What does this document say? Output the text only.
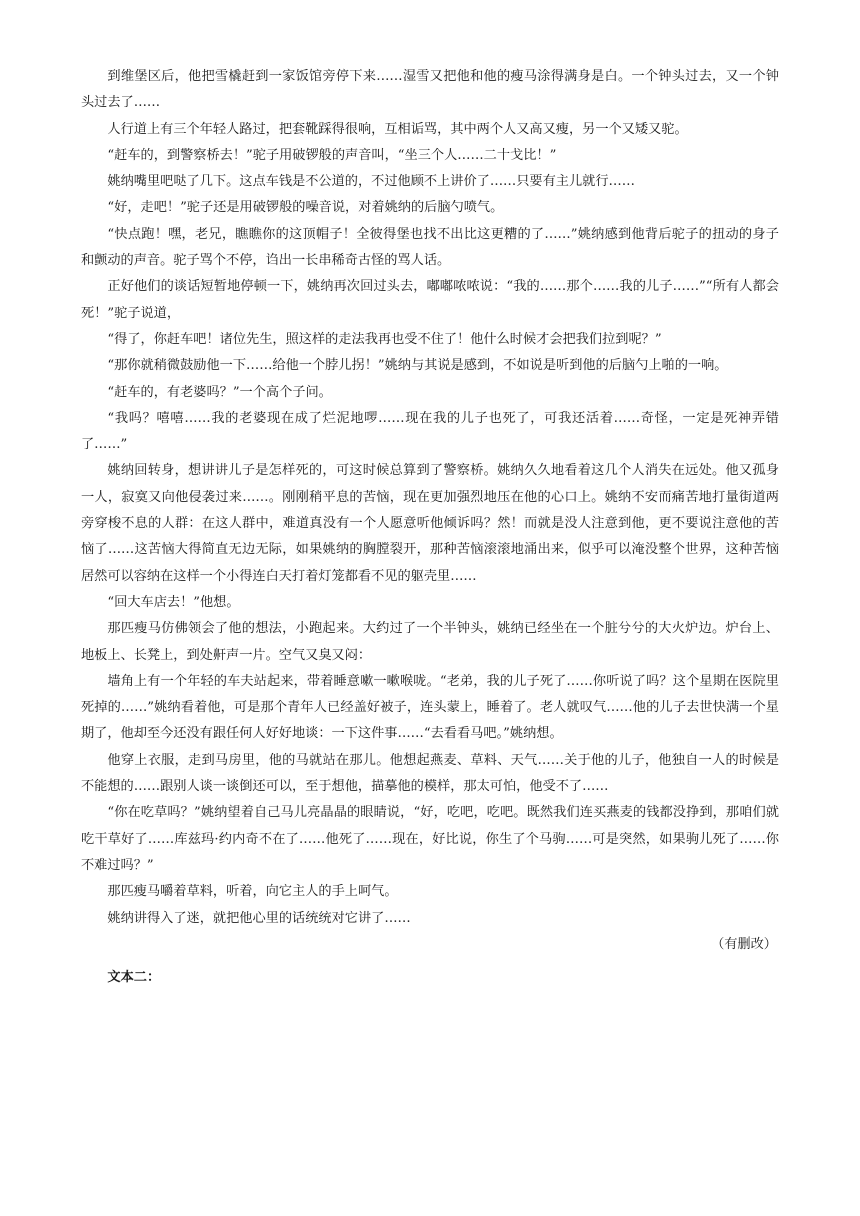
到维堡区后，他把雪橇赶到一家饭馆旁停下来……湿雪又把他和他的瘦马涂得满身是白。一个钟头过去，又一个钟头过去了……

人行道上有三个年轻人路过，把套靴踩得很响，互相诟骂，其中两个人又高又瘦，另一个又矮又驼。

“赶车的，到警察桥去！”驼子用破锣般的声音叫，“坐三个人……二十戈比！”

姚纳嘴里吧哒了几下。这点车钱是不公道的，不过他顾不上讲价了……只要有主儿就行……

“好，走吧！”驼子还是用破锣般的噪音说，对着姚纳的后脑勺喷气。

“快点跑！嘿，老兄，瞧瞧你的这顶帽子！全彼得堡也找不出比这更糟的了……”姚纳感到他背后驼子的扭动的身子和颤动的声音。驼子骂个不停，诌出一长串稀奇古怪的骂人话。

正好他们的谈话短暂地停顿一下，姚纳再次回过头去，嘟嘟哝哝说：“我的……那个……我的儿子……”“所有人都会死！”驼子说道，

“得了，你赶车吧！诸位先生，照这样的走法我再也受不住了！他什么时候才会把我们拉到呢？”

“那你就稍微鼓励他一下……给他一个脖儿拐！”姚纳与其说是感到，不如说是听到他的后脑勺上啪的一响。

“赶车的，有老婆吗？”一个高个子问。

“我吗？嘻嘻……我的老婆现在成了烂泥地啰……现在我的儿子也死了，可我还活着……奇怪，一定是死神弄错了……”

姚纳回转身，想讲讲儿子是怎样死的，可这时候总算到了警察桥。姚纳久久地看着这几个人消失在远处。他又孤身一人，寂寞又向他侵袭过来……。刚刚稍平息的苦恼，现在更加强烈地压在他的心口上。姚纳不安而痛苦地打量街道两旁穿梭不息的人群：在这人群中，难道真没有一个人愿意听他倾诉吗？然！而就是没人注意到他，更不要说注意他的苦恼了……这苦恼大得简直无边无际，如果姚纳的胸膛裂开，那种苦恼滚滚地涌出来，似乎可以淹没整个世界，这种苦恼居然可以容纳在这样一个小得连白天打着灯笼都看不见的躯壳里……

“回大车店去！”他想。

那匹瘦马仿佛领会了他的想法，小跑起来。大约过了一个半钟头，姚纳已经坐在一个脏兮兮的大火炉边。炉台上、地板上、长凳上，到处鼾声一片。空气又臭又闷：

墙角上有一个年轻的车夫站起来，带着睡意嗽一嗽喉咙。“老弟，我的儿子死了……你听说了吗？这个星期在医院里死掉的……”姚纳看着他，可是那个青年人已经盖好被子，连头蒙上，睡着了。老人就叹气……他的儿子去世快满一个星期了，他却至今还没有跟任何人好好地谈：一下这件事……“去看看马吧。”姚纳想。

他穿上衣服，走到马房里，他的马就站在那儿。他想起燕麦、草料、天气……关于他的儿子，他独自一人的时候是不能想的……跟别人谈一谈倒还可以，至于想他，描摹他的模样，那太可怕，他受不了……

“你在吃草吗？”姚纳望着自己马儿亮晶晶的眼睛说，“好，吃吧，吃吧。既然我们连买燕麦的钱都没挣到，那咱们就吃干草好了……库兹玛·约内奇不在了……他死了……现在，好比说，你生了个马驹……可是突然，如果驹儿死了……你不难过吗？”

那匹瘦马嚼着草料，听着，向它主人的手上呵气。

姚纳讲得入了迷，就把他心里的话统统对它讲了……

（有删改）

文本二：
